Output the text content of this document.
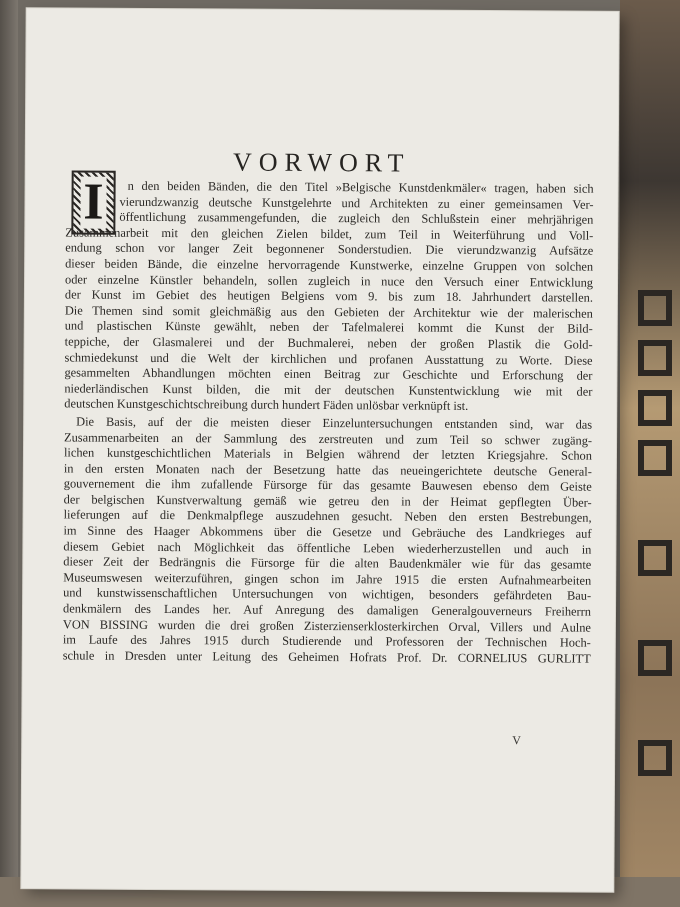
VORWORT
I	n den beiden Bänden, die den Titel »Belgische Kunstdenkmäler« tragen, haben sich
vierundzwanzig deutsche Kunstgelehrte und Architekten zu einer gemeinsamen Ver-
öffentlichung zusammengefunden, die zugleich den Schlußstein einer mehrjährigen
Zusammenarbeit mit den gleichen Zielen bildet, zum Teil in Weiterführung und Voll-
endung schon vor langer Zeit begonnener Sonderstudien. Die vierundzwanzig Aufsätze
dieser beiden Bände, die einzelne hervorragende Kunstwerke, einzelne Gruppen von solchen
oder einzelne Künstler behandeln, sollen zugleich in nuce den Versuch einer Entwicklung
der Kunst im Gebiet des heutigen Belgiens vom 9. bis zum 18. Jahrhundert darstellen.
Die Themen sind somit gleichmäßig aus den Gebieten der Architektur wie der malerischen
und plastischen Künste gewählt, neben der Tafelmalerei kommt die Kunst der Bild-
teppiche, der Glasmalerei und der Buchmalerei, neben der großen Plastik die Gold-
schmiedekunst und die Welt der kirchlichen und profanen Ausstattung zu Worte. Diese
gesammelten Abhandlungen möchten einen Beitrag zur Geschichte und Erforschung der
niederländischen Kunst bilden, die mit der deutschen Kunstentwicklung wie mit der
deutschen Kunstgeschichtschreibung durch hundert Fäden unlösbar verknüpft ist.
Die Basis, auf der die meisten dieser Einzeluntersuchungen entstanden sind, war das
Zusammenarbeiten an der Sammlung des zerstreuten und zum Teil so schwer zugäng-
lichen kunstgeschichtlichen Materials in Belgien während der letzten Kriegsjahre. Schon
in den ersten Monaten nach der Besetzung hatte das neueingerichtete deutsche General-
gouvernement die ihm zufallende Fürsorge für das gesamte Bauwesen ebenso dem Geiste
der belgischen Kunstverwaltung gemäß wie getreu den in der Heimat gepflegten Über-
lieferungen auf die Denkmalpflege auszudehnen gesucht. Neben den ersten Bestrebungen,
im Sinne des Haager Abkommens über die Gesetze und Gebräuche des Landkrieges auf
diesem Gebiet nach Möglichkeit das öffentliche Leben wiederherzustellen und auch in
dieser Zeit der Bedrängnis die Fürsorge für die alten Baudenkmäler wie für das gesamte
Museumswesen weiterzuführen, gingen schon im Jahre 1915 die ersten Aufnahmearbeiten
und kunstwissenschaftlichen Untersuchungen von wichtigen, besonders gefährdeten Bau-
denkmälern des Landes her. Auf Anregung des damaligen Generalgouverneurs Freiherrn
VON BISSING wurden die drei großen Zisterzienserklosterkirchen Orval, Villers und Aulne
im Laufe des Jahres 1915 durch Studierende und Professoren der Technischen Hoch-
schule in Dresden unter Leitung des Geheimen Hofrats Prof. Dr. CORNELIUS GURLITT
V
